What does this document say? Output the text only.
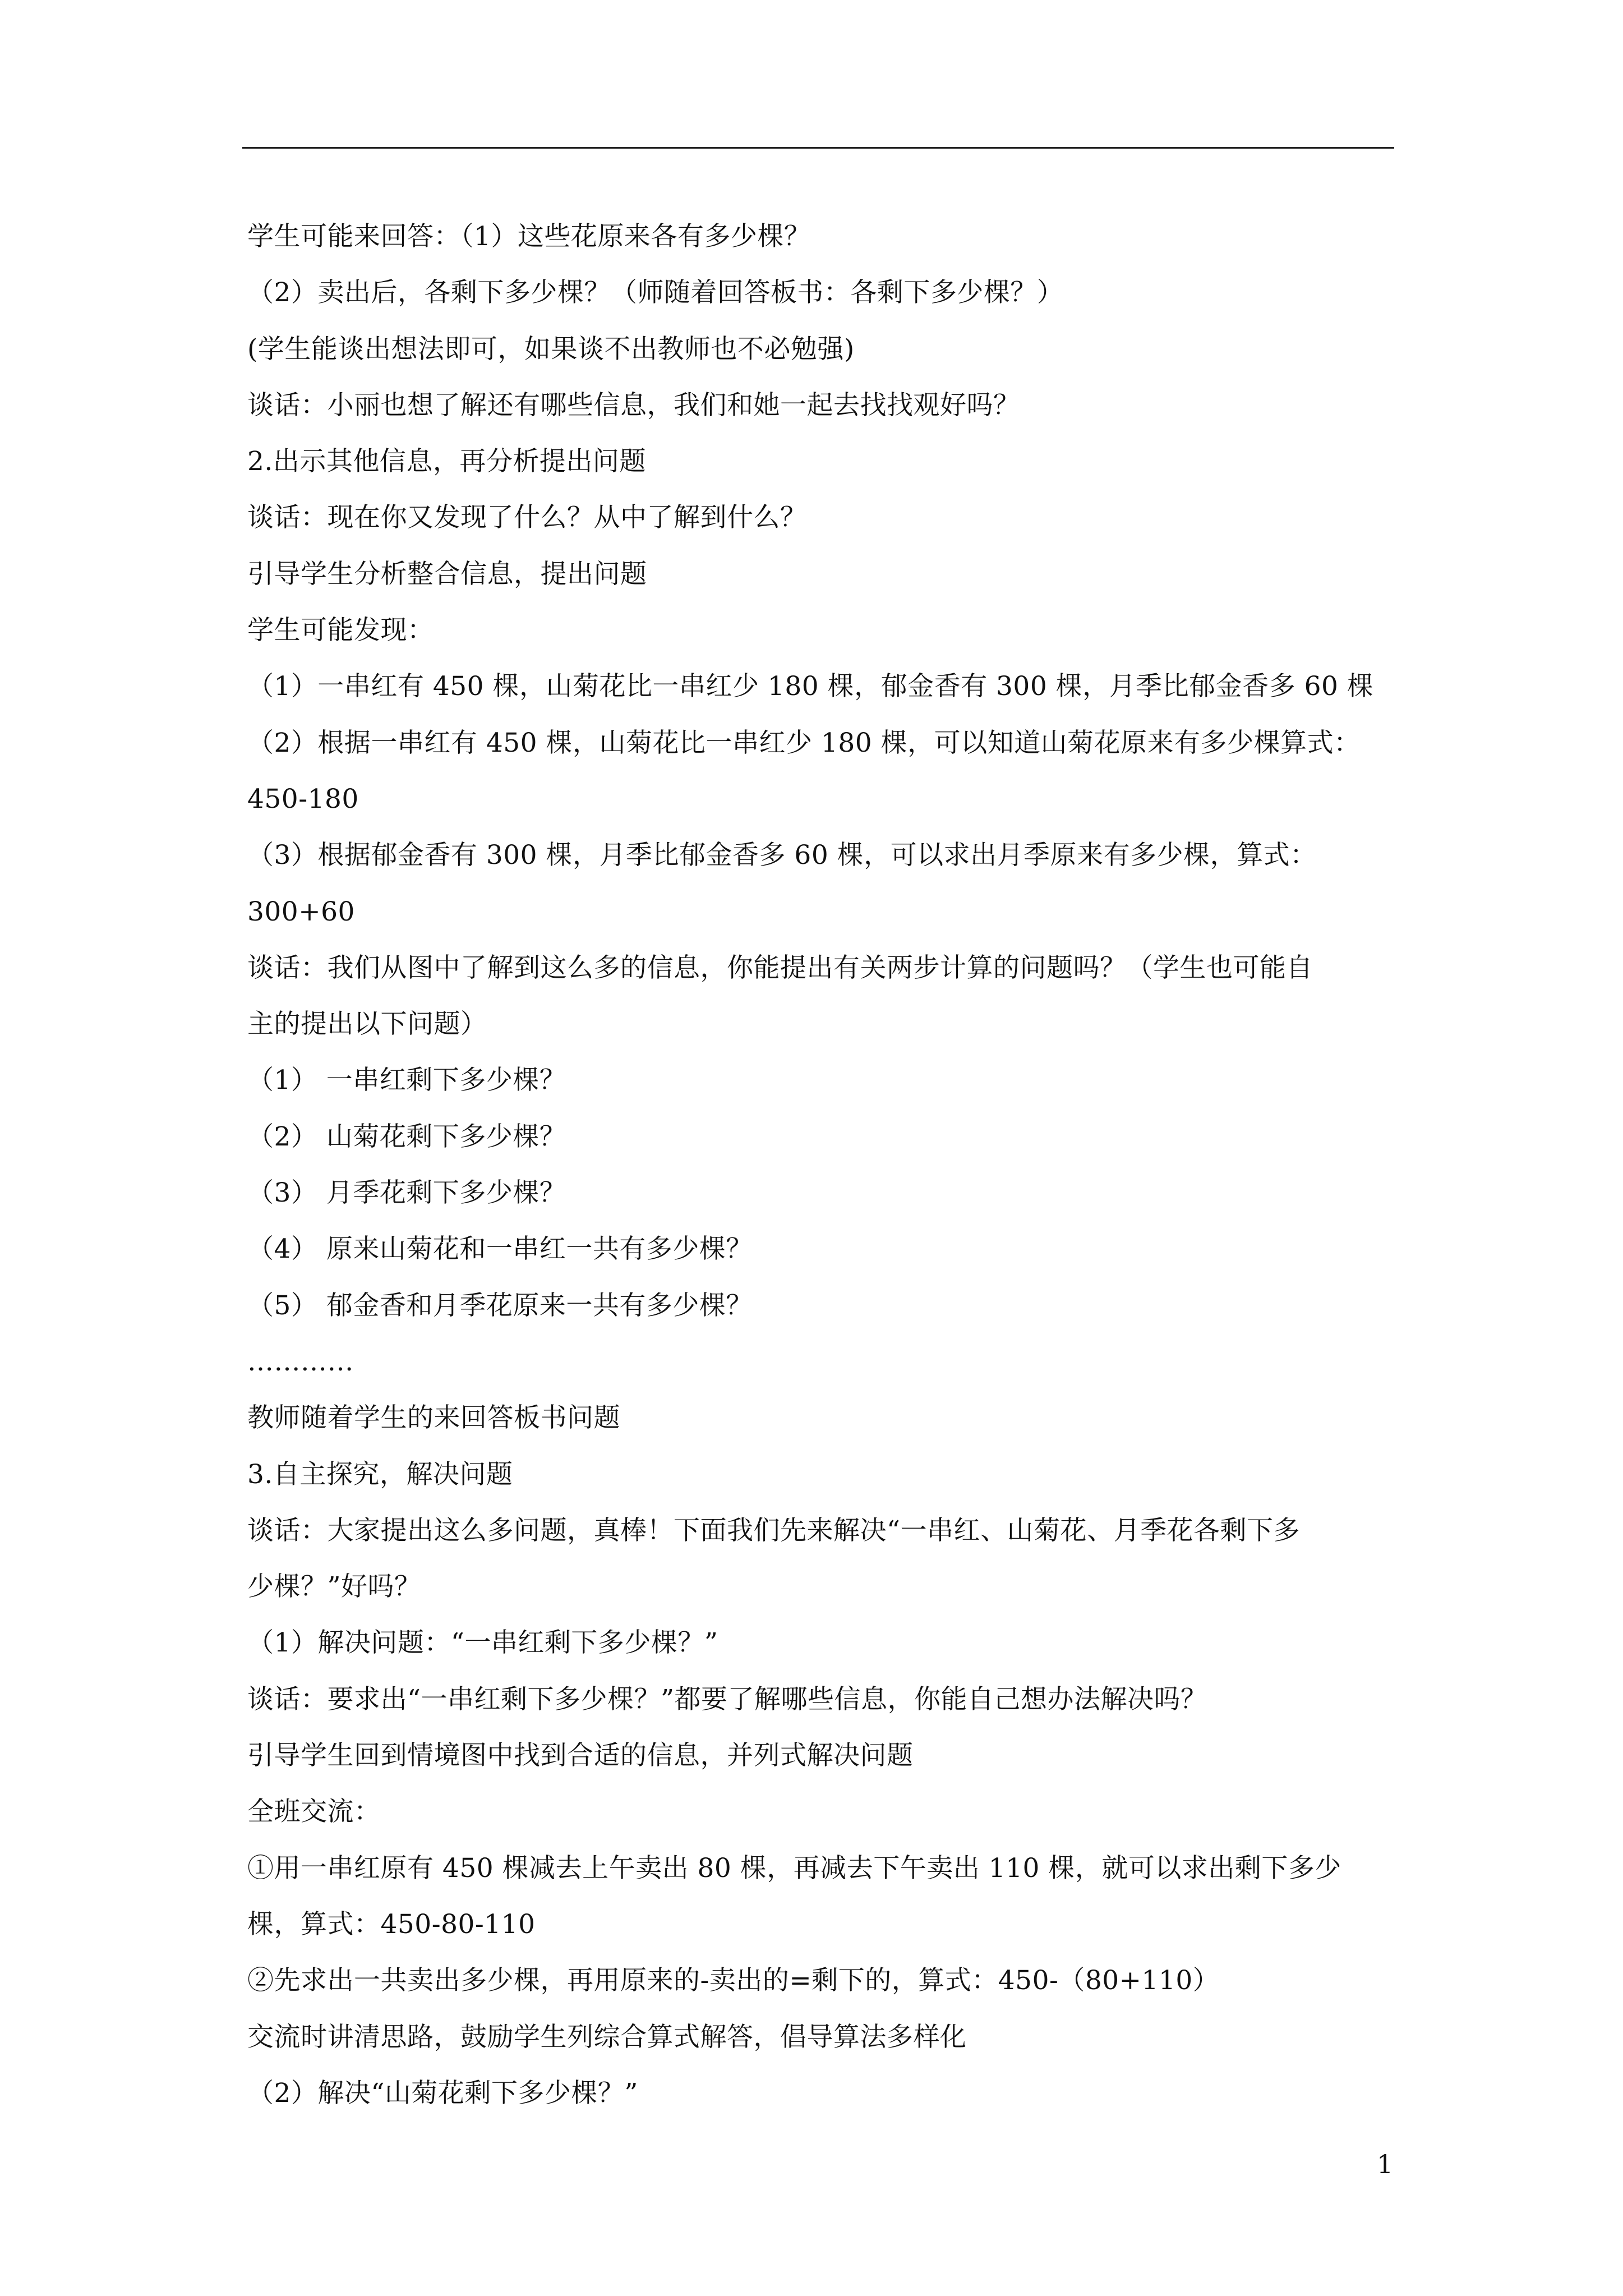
学生可能来回答：（1）这些花原来各有多少棵？
（2）卖出后，各剩下多少棵？（师随着回答板书：各剩下多少棵？）
(学生能谈出想法即可，如果谈不出教师也不必勉强)
谈话：小丽也想了解还有哪些信息，我们和她一起去找找观好吗？
2.出示其他信息，再分析提出问题
谈话：现在你又发现了什么？从中了解到什么？
引导学生分析整合信息，提出问题
学生可能发现：
（1）一串红有 450 棵，山菊花比一串红少 180 棵，郁金香有 300 棵，月季比郁金香多 60 棵
（2）根据一串红有 450 棵，山菊花比一串红少 180 棵，可以知道山菊花原来有多少棵算式：
450-180
（3）根据郁金香有 300 棵，月季比郁金香多 60 棵，可以求出月季原来有多少棵，算式：
300+60
谈话：我们从图中了解到这么多的信息，你能提出有关两步计算的问题吗？（学生也可能自
主的提出以下问题）
（1） 一串红剩下多少棵？
（2） 山菊花剩下多少棵？
（3） 月季花剩下多少棵？
（4） 原来山菊花和一串红一共有多少棵？
（5） 郁金香和月季花原来一共有多少棵？
…………
教师随着学生的来回答板书问题
3.自主探究，解决问题
谈话：大家提出这么多问题，真棒！下面我们先来解决“一串红、山菊花、月季花各剩下多
少棵？”好吗？
（1）解决问题：“一串红剩下多少棵？”
谈话：要求出“一串红剩下多少棵？”都要了解哪些信息，你能自己想办法解决吗？
引导学生回到情境图中找到合适的信息，并列式解决问题
全班交流：
①用一串红原有 450 棵减去上午卖出 80 棵，再减去下午卖出 110 棵，就可以求出剩下多少
棵，算式：450-80-110
②先求出一共卖出多少棵，再用原来的-卖出的=剩下的，算式：450-（80+110）
交流时讲清思路，鼓励学生列综合算式解答，倡导算法多样化
（2）解决“山菊花剩下多少棵？”
1
